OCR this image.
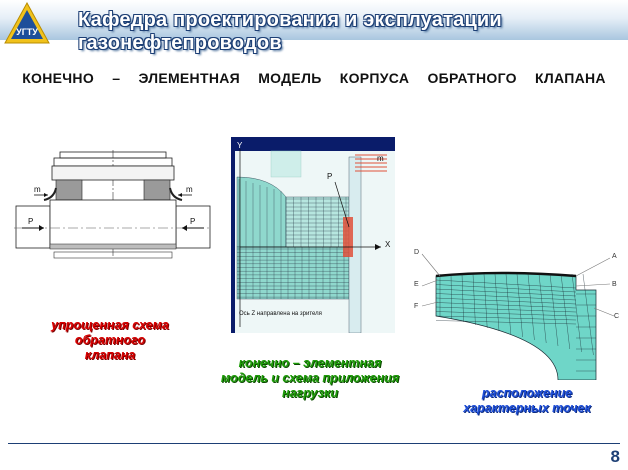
УГТУ
Кафедра проектирования и эксплуатации газонефтепроводов
КОНЕЧНО – ЭЛЕМЕНТНАЯ МОДЕЛЬ КОРПУСА ОБРАТНОГО КЛАПАНА
P	P
m	m
упрощенная схема
обратного
клапана
Y
X
P
m
Ось Z направлена на зрителя
конечно – элементная
модель и схема приложения
нагрузки
D
A
E	B
F
C
расположение
характерных точек
8
